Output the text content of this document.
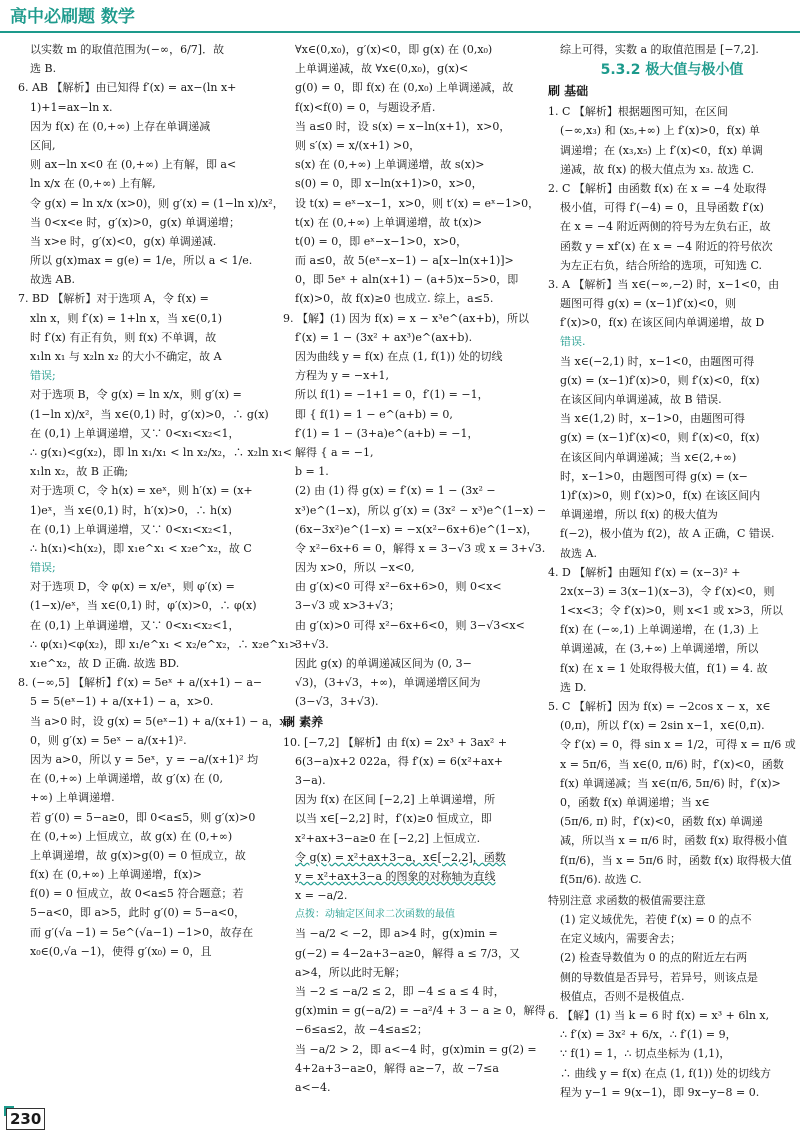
高中必刷题 数学
以实数 m 的取值范围为(−∞，6/7]．故
选 B.
6. AB 【解析】由已知得 f′(x) = ax−(ln x+
1)+1=ax−ln x.
因为 f(x) 在 (0,+∞) 上存在单调递减
区间,
则 ax−ln x<0 在 (0,+∞) 上有解，即 a<
ln x/x 在 (0,+∞) 上有解,
令 g(x) = ln x/x (x>0)，则 g′(x) = (1−ln x)/x²，
当 0<x<e 时，g′(x)>0，g(x) 单调递增；
当 x>e 时，g′(x)<0，g(x) 单调递减.
所以 g(x)max = g(e) = 1/e，所以 a < 1/e.
故选 AB.
7. BD 【解析】对于选项 A，令 f(x) =
xln x，则 f′(x) = 1+ln x，当 x∈(0,1)
时 f′(x) 有正有负，则 f(x) 不单调，故
x₁ln x₁ 与 x₂ln x₂ 的大小不确定，故 A
错误;
对于选项 B，令 g(x) = ln x/x，则 g′(x) =
(1−ln x)/x²，当 x∈(0,1) 时，g′(x)>0，∴ g(x)
在 (0,1) 上单调递增，又∵ 0<x₁<x₂<1，
∴ g(x₁)<g(x₂)，即 ln x₁/x₁ < ln x₂/x₂，∴ x₂ln x₁<
x₁ln x₂，故 B 正确;
对于选项 C，令 h(x) = xeˣ，则 h′(x) = (x+
1)eˣ，当 x∈(0,1) 时，h′(x)>0，∴ h(x)
在 (0,1) 上单调递增，又∵ 0<x₁<x₂<1，
∴ h(x₁)<h(x₂)，即 x₁e^x₁ < x₂e^x₂，故 C
错误;
对于选项 D，令 φ(x) = x/eˣ，则 φ′(x) =
(1−x)/eˣ，当 x∈(0,1) 时，φ′(x)>0，∴ φ(x)
在 (0,1) 上单调递增，又∵ 0<x₁<x₂<1，
∴ φ(x₁)<φ(x₂)，即 x₁/e^x₁ < x₂/e^x₂，∴ x₂e^x₁>
x₁e^x₂，故 D 正确. 故选 BD.
8. (−∞,5] 【解析】f′(x) = 5eˣ + a/(x+1) − a−
5 = 5(eˣ−1) + a/(x+1) − a，x>0.
当 a>0 时，设 g(x) = 5(eˣ−1) + a/(x+1) − a，x>
0，则 g′(x) = 5eˣ − a/(x+1)².
因为 a>0，所以 y = 5eˣ，y = −a/(x+1)² 均
在 (0,+∞) 上单调递增，故 g′(x) 在 (0,
+∞) 上单调递增.
若 g′(0) = 5−a≥0，即 0<a≤5，则 g′(x)>0
在 (0,+∞) 上恒成立，故 g(x) 在 (0,+∞)
上单调递增，故 g(x)>g(0) = 0 恒成立，故
f(x) 在 (0,+∞) 上单调递增，f(x)>
f(0) = 0 恒成立，故 0<a≤5 符合题意；若
5−a<0，即 a>5，此时 g′(0) = 5−a<0，
而 g′(√a −1) = 5e^(√a−1) −1>0，故存在
x₀∈(0,√a −1)，使得 g′(x₀) = 0，且
∀x∈(0,x₀)，g′(x)<0，即 g(x) 在 (0,x₀)
上单调递减，故 ∀x∈(0,x₀)，g(x)<
g(0) = 0，即 f(x) 在 (0,x₀) 上单调递减，故
f(x)<f(0) = 0，与题设矛盾.
当 a≤0 时，设 s(x) = x−ln(x+1)，x>0，
则 s′(x) = x/(x+1) >0，
s(x) 在 (0,+∞) 上单调递增，故 s(x)>
s(0) = 0，即 x−ln(x+1)>0，x>0，
设 t(x) = eˣ−x−1，x>0，则 t′(x) = eˣ−1>0，
t(x) 在 (0,+∞) 上单调递增，故 t(x)>
t(0) = 0，即 eˣ−x−1>0，x>0，
而 a≤0，故 5(eˣ−x−1) − a[x−ln(x+1)]>
0，即 5eˣ + aln(x+1) − (a+5)x−5>0，即
f(x)>0，故 f(x)≥0 也成立. 综上，a≤5.
9. 【解】(1) 因为 f(x) = x − x³e^(ax+b)，所以
f′(x) = 1 − (3x² + ax³)e^(ax+b).
因为曲线 y = f(x) 在点 (1, f(1)) 处的切线
方程为 y = −x+1,
所以 f(1) = −1+1 = 0，f′(1) = −1，
即 { f(1) = 1 − e^(a+b) = 0,
f′(1) = 1 − (3+a)e^(a+b) = −1，
解得 { a = −1,
b = 1.
(2) 由 (1) 得 g(x) = f′(x) = 1 − (3x² −
x³)e^(1−x)，所以 g′(x) = (3x² − x³)e^(1−x) −
(6x−3x²)e^(1−x) = −x(x²−6x+6)e^(1−x)，
令 x²−6x+6 = 0，解得 x = 3−√3 或 x = 3+√3.
因为 x>0，所以 −x<0,
由 g′(x)<0 可得 x²−6x+6>0，则 0<x<
3−√3 或 x>3+√3；
由 g′(x)>0 可得 x²−6x+6<0，则 3−√3<x<
3+√3.
因此 g(x) 的单调递减区间为 (0, 3−
√3)，(3+√3，+∞)，单调递增区间为
(3−√3，3+√3).
刷 素养
10. [−7,2] 【解析】由 f(x) = 2x³ + 3ax² +
6(3−a)x+2 022a，得 f′(x) = 6(x²+ax+
3−a).
因为 f(x) 在区间 [−2,2] 上单调递增，所
以当 x∈[−2,2] 时，f′(x)≥0 恒成立，即
x²+ax+3−a≥0 在 [−2,2] 上恒成立.
令 g(x) = x²+ax+3−a，x∈[−2,2]，函数
y = x²+ax+3−a 的图象的对称轴为直线
x = −a/2.
点拨：动轴定区间求二次函数的最值
当 −a/2 < −2，即 a>4 时，g(x)min =
g(−2) = 4−2a+3−a≥0，解得 a ≤ 7/3，又
a>4，所以此时无解；
当 −2 ≤ −a/2 ≤ 2，即 −4 ≤ a ≤ 4 时，
g(x)min = g(−a/2) = −a²/4 + 3 − a ≥ 0，解得
−6≤a≤2，故 −4≤a≤2；
当 −a/2 > 2，即 a<−4 时，g(x)min = g(2) =
4+2a+3−a≥0，解得 a≥−7，故 −7≤a
a<−4.
综上可得，实数 a 的取值范围是 [−7,2].
5.3.2 极大值与极小值
刷 基础
1. C 【解析】根据题图可知，在区间
(−∞,x₃) 和 (x₅,+∞) 上 f′(x)>0，f(x) 单
调递增；在 (x₃,x₅) 上 f′(x)<0，f(x) 单调
递减，故 f(x) 的极大值点为 x₃. 故选 C.
2. C 【解析】由函数 f(x) 在 x = −4 处取得
极小值，可得 f′(−4) = 0，且导函数 f′(x)
在 x = −4 附近两侧的符号为左负右正，故
函数 y = xf′(x) 在 x = −4 附近的符号依次
为左正右负，结合所给的选项，可知选 C.
3. A 【解析】当 x∈(−∞,−2) 时，x−1<0，由
题图可得 g(x) = (x−1)f′(x)<0，则
f′(x)>0，f(x) 在该区间内单调递增，故 D
错误.
当 x∈(−2,1) 时，x−1<0，由题图可得
g(x) = (x−1)f′(x)>0，则 f′(x)<0，f(x)
在该区间内单调递减，故 B 错误.
当 x∈(1,2) 时，x−1>0，由题图可得
g(x) = (x−1)f′(x)<0，则 f′(x)<0，f(x)
在该区间内单调递减；当 x∈(2,+∞)
时，x−1>0，由题图可得 g(x) = (x−
1)f′(x)>0，则 f′(x)>0，f(x) 在该区间内
单调递增，所以 f(x) 的极大值为
f(−2)，极小值为 f(2)，故 A 正确，C 错误.
故选 A.
4. D 【解析】由题知 f′(x) = (x−3)² +
2x(x−3) = 3(x−1)(x−3)，令 f′(x)<0，则
1<x<3；令 f′(x)>0，则 x<1 或 x>3，所以
f(x) 在 (−∞,1) 上单调递增，在 (1,3) 上
单调递减，在 (3,+∞) 上单调递增，所以
f(x) 在 x = 1 处取得极大值，f(1) = 4. 故
选 D.
5. C 【解析】因为 f(x) = −2cos x − x，x∈
(0,π)，所以 f′(x) = 2sin x−1，x∈(0,π).
令 f′(x) = 0，得 sin x = 1/2，可得 x = π/6 或
x = 5π/6，当 x∈(0, π/6) 时，f′(x)<0，函数
f(x) 单调递减；当 x∈(π/6, 5π/6) 时，f′(x)>
0，函数 f(x) 单调递增；当 x∈
(5π/6, π) 时，f′(x)<0，函数 f(x) 单调递
减，所以当 x = π/6 时，函数 f(x) 取得极小值
f(π/6)，当 x = 5π/6 时，函数 f(x) 取得极大值
f(5π/6). 故选 C.
特别注意 求函数的极值需要注意
(1) 定义域优先，若使 f′(x) = 0 的点不
在定义域内，需要舍去；
(2) 检查导数值为 0 的点的附近左右两
侧的导数值是否异号，若异号，则该点是
极值点，否则不是极值点.
6. 【解】(1) 当 k = 6 时 f(x) = x³ + 6ln x,
∴ f′(x) = 3x² + 6/x，∴ f′(1) = 9，
∵ f(1) = 1，∴ 切点坐标为 (1,1)，
∴ 曲线 y = f(x) 在点 (1, f(1)) 处的切线方
程为 y−1 = 9(x−1)，即 9x−y−8 = 0.
230
